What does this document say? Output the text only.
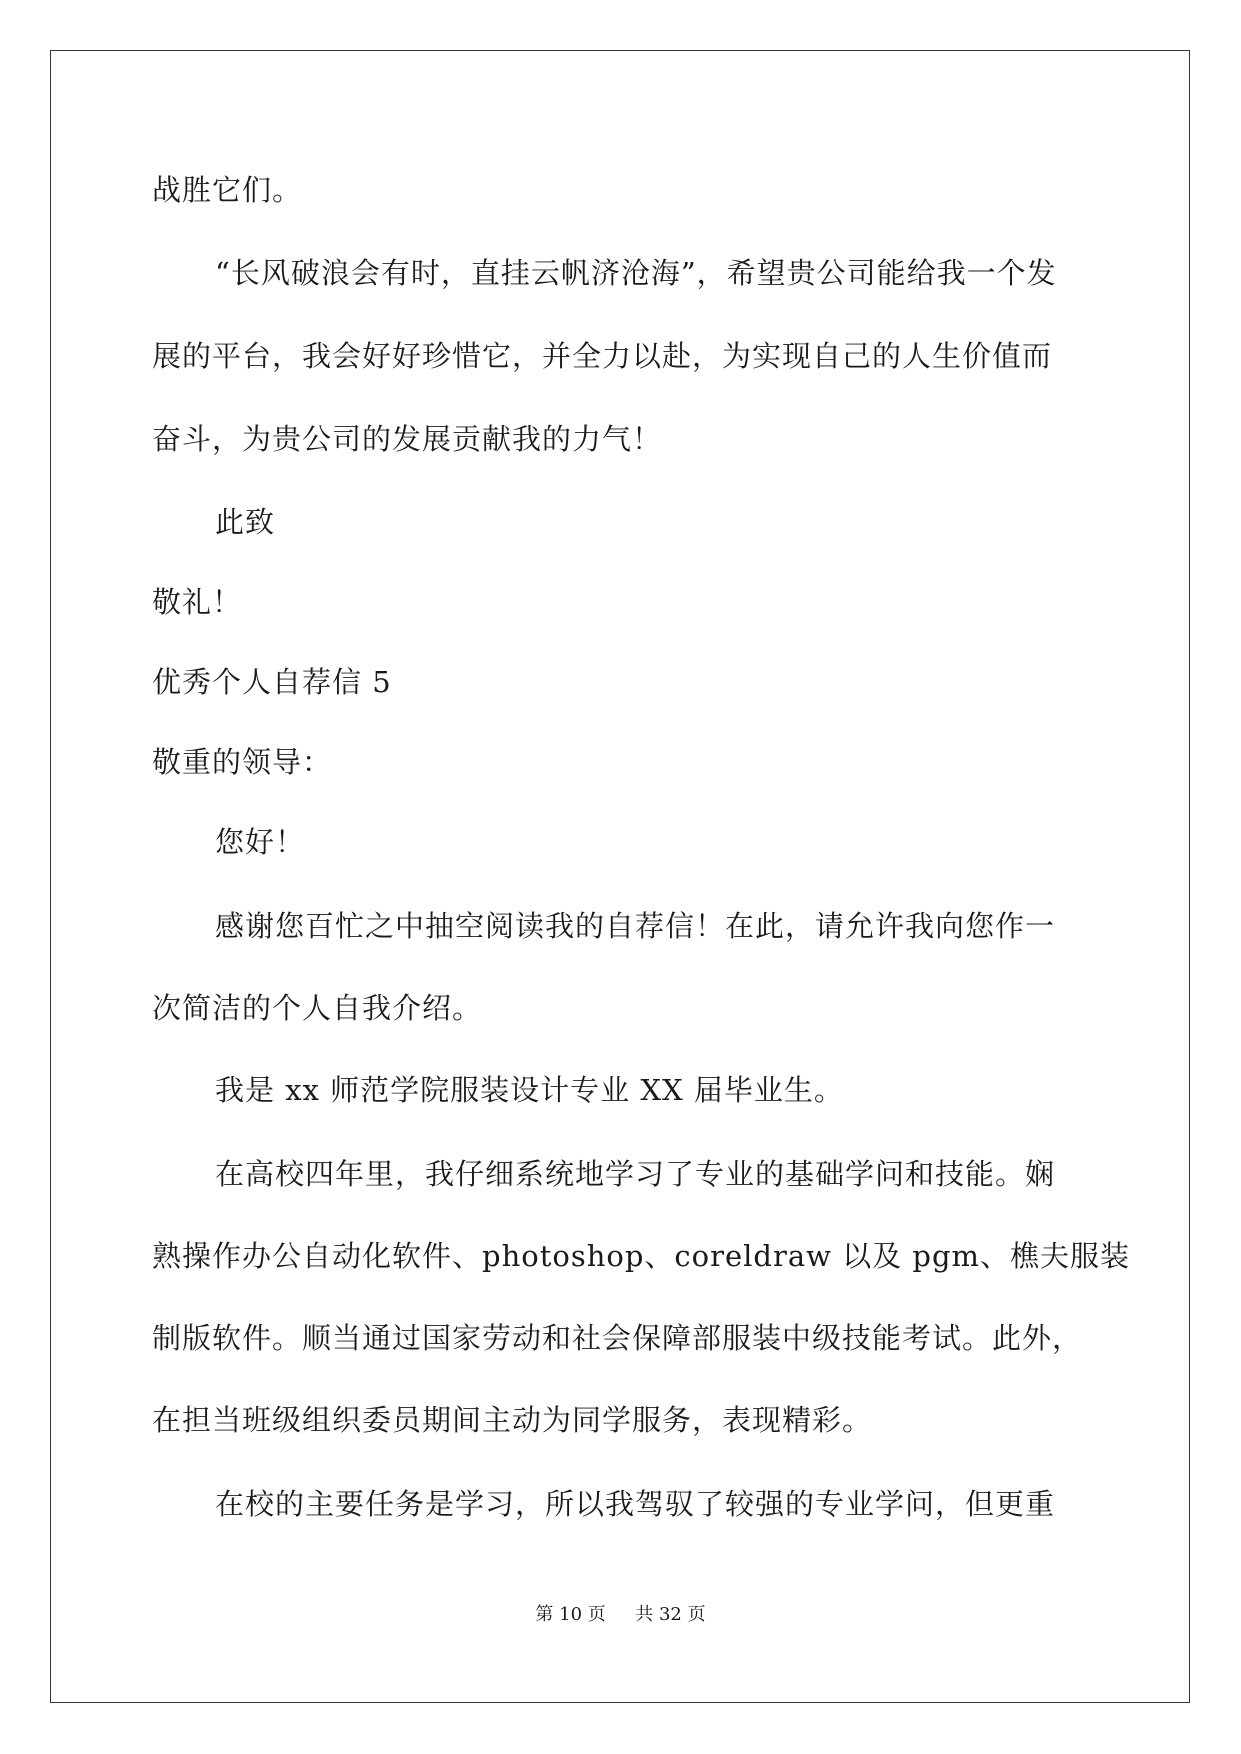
战胜它们。
“长风破浪会有时，直挂云帆济沧海”，希望贵公司能给我一个发
展的平台，我会好好珍惜它，并全力以赴，为实现自己的人生价值而
奋斗，为贵公司的发展贡献我的力气！
此致
敬礼！
优秀个人自荐信 5
敬重的领导：
您好！
感谢您百忙之中抽空阅读我的自荐信！在此，请允许我向您作一
次简洁的个人自我介绍。
我是 xx 师范学院服装设计专业 XX 届毕业生。
在高校四年里，我仔细系统地学习了专业的基础学问和技能。娴
熟操作办公自动化软件、photoshop、coreldraw 以及 pgm、樵夫服装
制版软件。顺当通过国家劳动和社会保障部服装中级技能考试。此外，
在担当班级组织委员期间主动为同学服务，表现精彩。
在校的主要任务是学习，所以我驾驭了较强的专业学问，但更重
第 10 页 共 32 页
